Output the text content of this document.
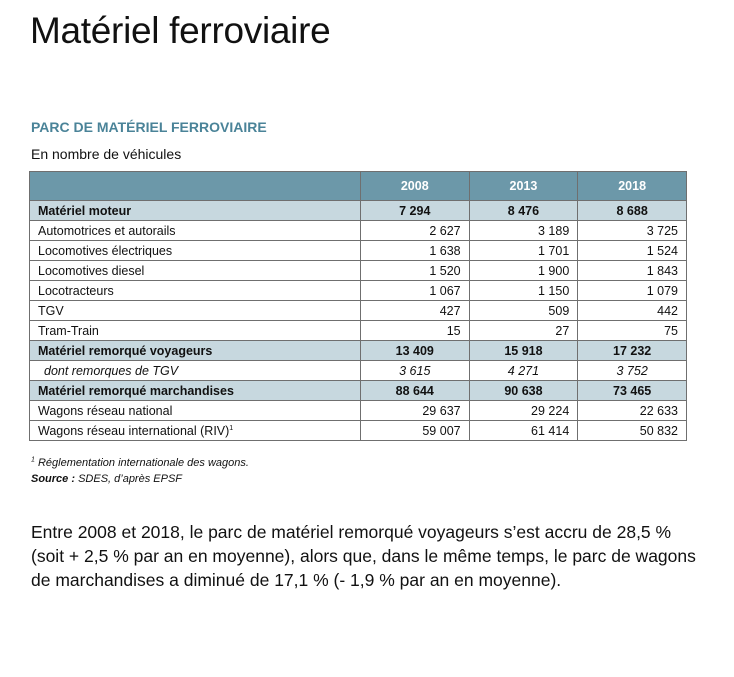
Matériel ferroviaire
PARC DE MATÉRIEL FERROVIAIRE

En nombre de véhicules

	2008	2013	2018
Matériel moteur	7 294	8 476	8 688
Automotrices et autorails	2 627	3 189	3 725
Locomotives électriques	1 638	1 701	1 524
Locomotives diesel	1 520	1 900	1 843
Locotracteurs	1 067	1 150	1 079
TGV	427	509	442
Tram-Train	15	27	75
Matériel remorqué voyageurs	13 409	15 918	17 232
dont remorques de TGV	3 615	4 271	3 752
Matériel remorqué marchandises	88 644	90 638	73 465
Wagons réseau national	29 637	29 224	22 633
Wagons réseau international (RIV)$^1$	59 007	61 414	50 832

$^1$ Réglementation internationale des wagons.

Source : SDES, d’après EPSF

Entre 2008 et 2018, le parc de matériel remorqué voyageurs s’est accru de 28,5 % (soit + 2,5 % par an en moyenne), alors que, dans le même temps, le parc de wagons de marchandises a diminué de 17,1 % (- 1,9 % par an en moyenne).
